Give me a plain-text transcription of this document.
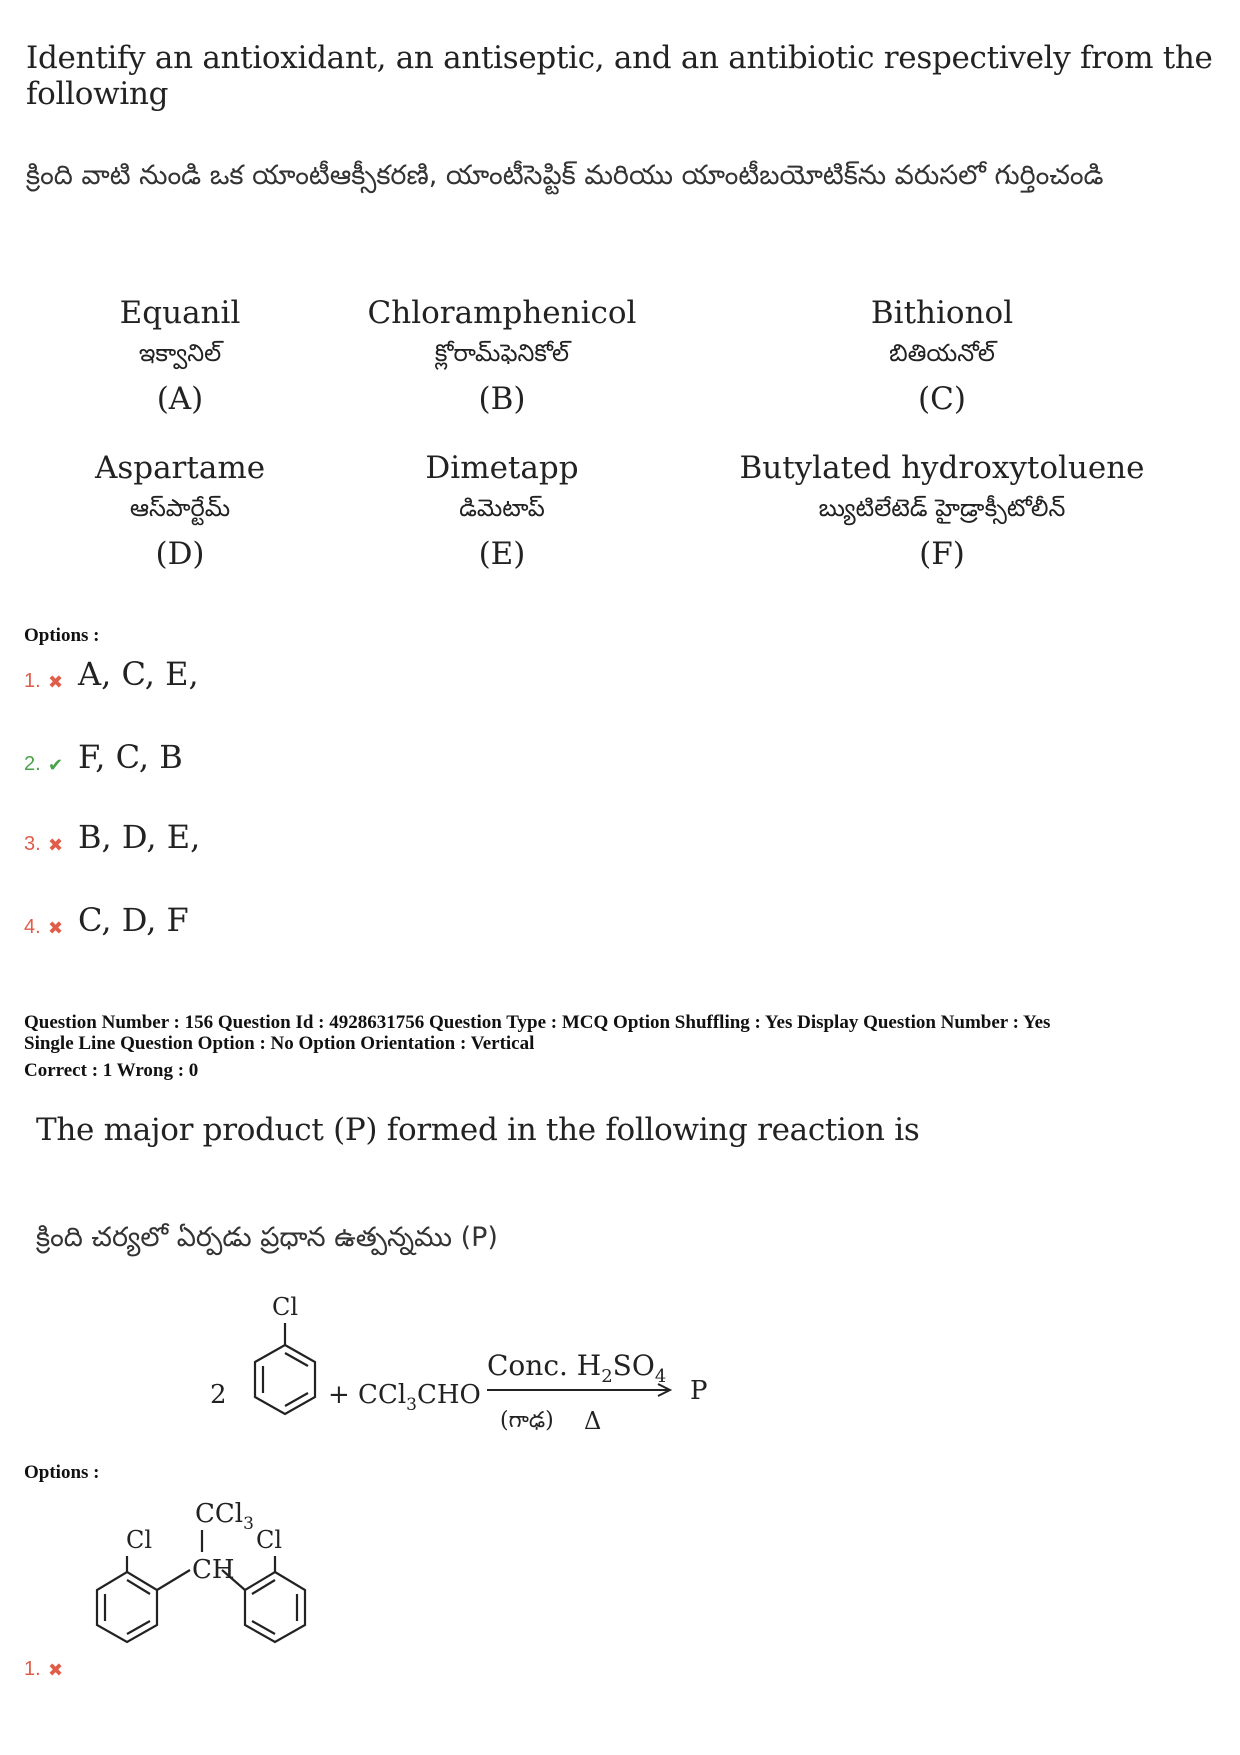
Identify an antioxidant, an antiseptic, and an antibiotic respectively from the following
క్రింది వాటి నుండి ఒక యాంటీఆక్సీకరణి, యాంటీసెప్టిక్ మరియు యాంటీబయోటిక్‌ను వరుసలో గుర్తించండి
Equanil
ఇక్వానిల్
(A)
Chloramphenicol
క్లోరామ్‌ఫెనికోల్
(B)
Bithionol
బితియనోల్
(C)
Aspartame
ఆస్‌పార్టేమ్
(D)
Dimetapp
డిమెటాప్
(E)
Butylated hydroxytoluene
బ్యుటిలేటెడ్ హైడ్రాక్సీటోలీన్
(F)
Options :
1. ✖ A, C, E,
2. ✔ F, C, B
3. ✖ B, D, E,
4. ✖ C, D, F
Question Number : 156 Question Id : 4928631756 Question Type : MCQ Option Shuffling : Yes Display Question Number : Yes
Single Line Question Option : No Option Orientation : Vertical
Correct : 1 Wrong : 0
The major product (P) formed in the following reaction is
క్రింది చర్యలో ఏర్పడు ప్రధాన ఉత్పన్నము (P)
2
Cl
+ CCl$_3$CHO
Conc. $H_2SO_4$
(గాఢ) Δ
P
Options :
1. ✖
CCl$_3$
CH
Cl	Cl
